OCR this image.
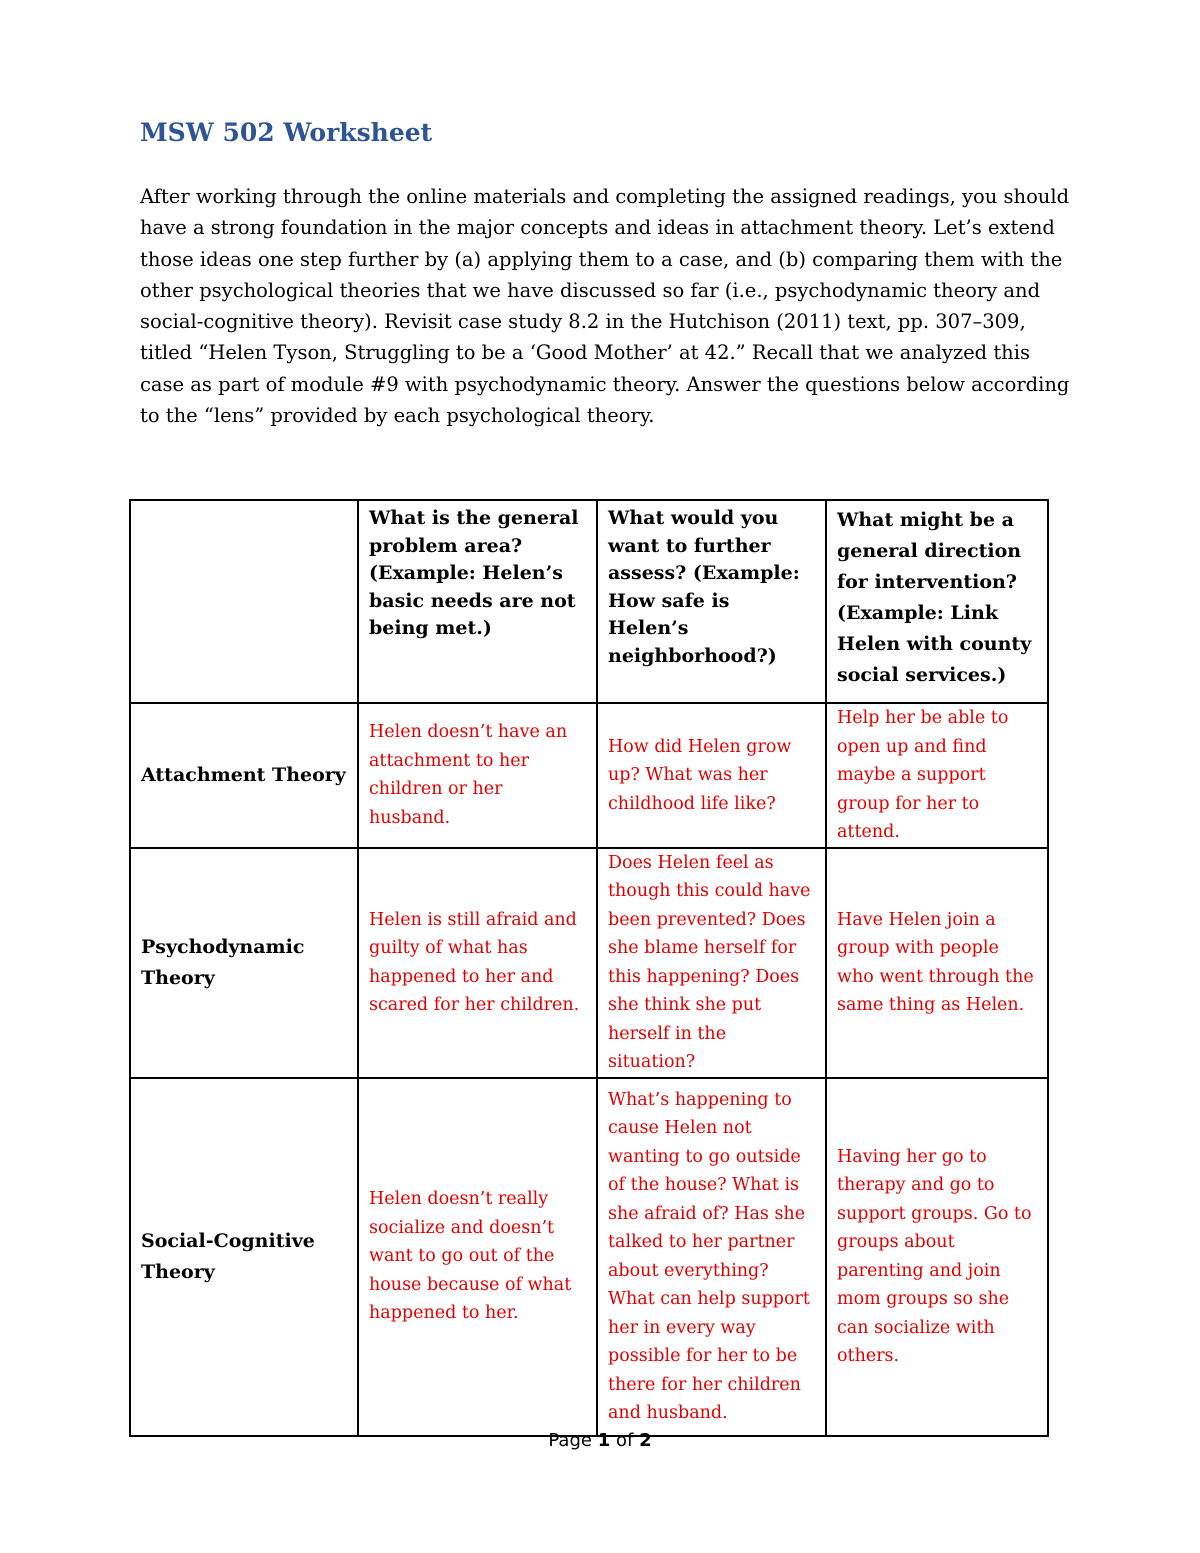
MSW 502 Worksheet

After working through the online materials and completing the assigned readings, you should have a strong foundation in the major concepts and ideas in attachment theory. Let’s extend those ideas one step further by (a) applying them to a case, and (b) comparing them with the other psychological theories that we have discussed so far (i.e., psychodynamic theory and social-cognitive theory). Revisit case study 8.2 in the Hutchison (2011) text, pp. 307–309, titled “Helen Tyson, Struggling to be a ‘Good Mother’ at 42.” Recall that we analyzed this case as part of module #9 with psychodynamic theory. Answer the questions below according to the “lens” provided by each psychological theory.

	What is the general problem area? (Example: Helen’s basic needs are not being met.)	What would you want to further assess? (Example: How safe is Helen’s neighborhood?)	What might be a general direction for intervention? (Example: Link Helen with county social services.)
Attachment Theory	Helen doesn’t have an attachment to her children or her husband.	How did Helen grow up? What was her childhood life like?	Help her be able to open up and find maybe a support group for her to attend.
Psychodynamic Theory	Helen is still afraid and guilty of what has happened to her and scared for her children.	Does Helen feel as though this could have been prevented? Does she blame herself for this happening? Does she think she put herself in the situation?	Have Helen join a group with people who went through the same thing as Helen.
Social-Cognitive Theory	Helen doesn’t really socialize and doesn’t want to go out of the house because of what happened to her.	What’s happening to cause Helen not wanting to go outside of the house? What is she afraid of? Has she talked to her partner about everything? What can help support her in every way possible for her to be there for her children and husband.	Having her go to therapy and go to support groups. Go to groups about parenting and join mom groups so she can socialize with others.
Page 1 of 2
